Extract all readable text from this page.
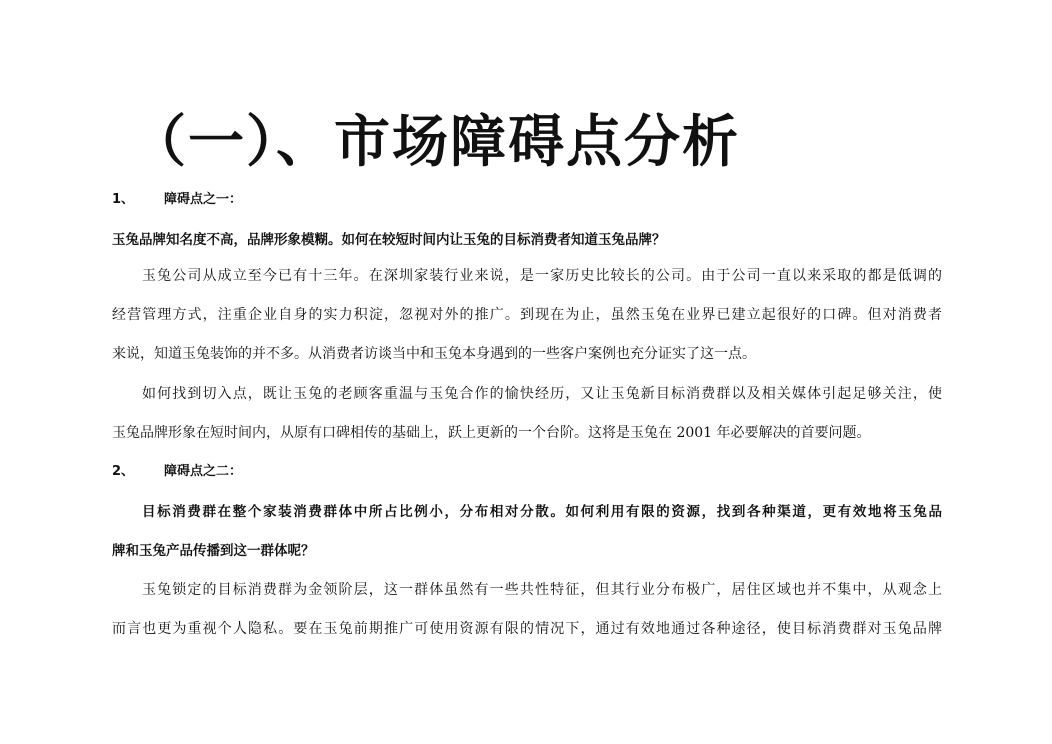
（一）、市场障碍点分析
1、 障碍点之一：
玉兔品牌知名度不高，品牌形象模糊。如何在较短时间内让玉兔的目标消费者知道玉兔品牌？
玉兔公司从成立至今已有十三年。在深圳家装行业来说，是一家历史比较长的公司。由于公司一直以来采取的都是低调的
经营管理方式，注重企业自身的实力积淀，忽视对外的推广。到现在为止，虽然玉兔在业界已建立起很好的口碑。但对消费者
来说，知道玉兔装饰的并不多。从消费者访谈当中和玉兔本身遇到的一些客户案例也充分证实了这一点。
如何找到切入点，既让玉兔的老顾客重温与玉兔合作的愉快经历，又让玉兔新目标消费群以及相关媒体引起足够关注，使
玉兔品牌形象在短时间内，从原有口碑相传的基础上，跃上更新的一个台阶。这将是玉兔在 2001 年必要解决的首要问题。
2、 障碍点之二：
目标消费群在整个家装消费群体中所占比例小，分布相对分散。如何利用有限的资源，找到各种渠道，更有效地将玉兔品
牌和玉兔产品传播到这一群体呢？
玉兔锁定的目标消费群为金领阶层，这一群体虽然有一些共性特征，但其行业分布极广，居住区域也并不集中，从观念上
而言也更为重视个人隐私。要在玉兔前期推广可使用资源有限的情况下，通过有效地通过各种途径，使目标消费群对玉兔品牌
